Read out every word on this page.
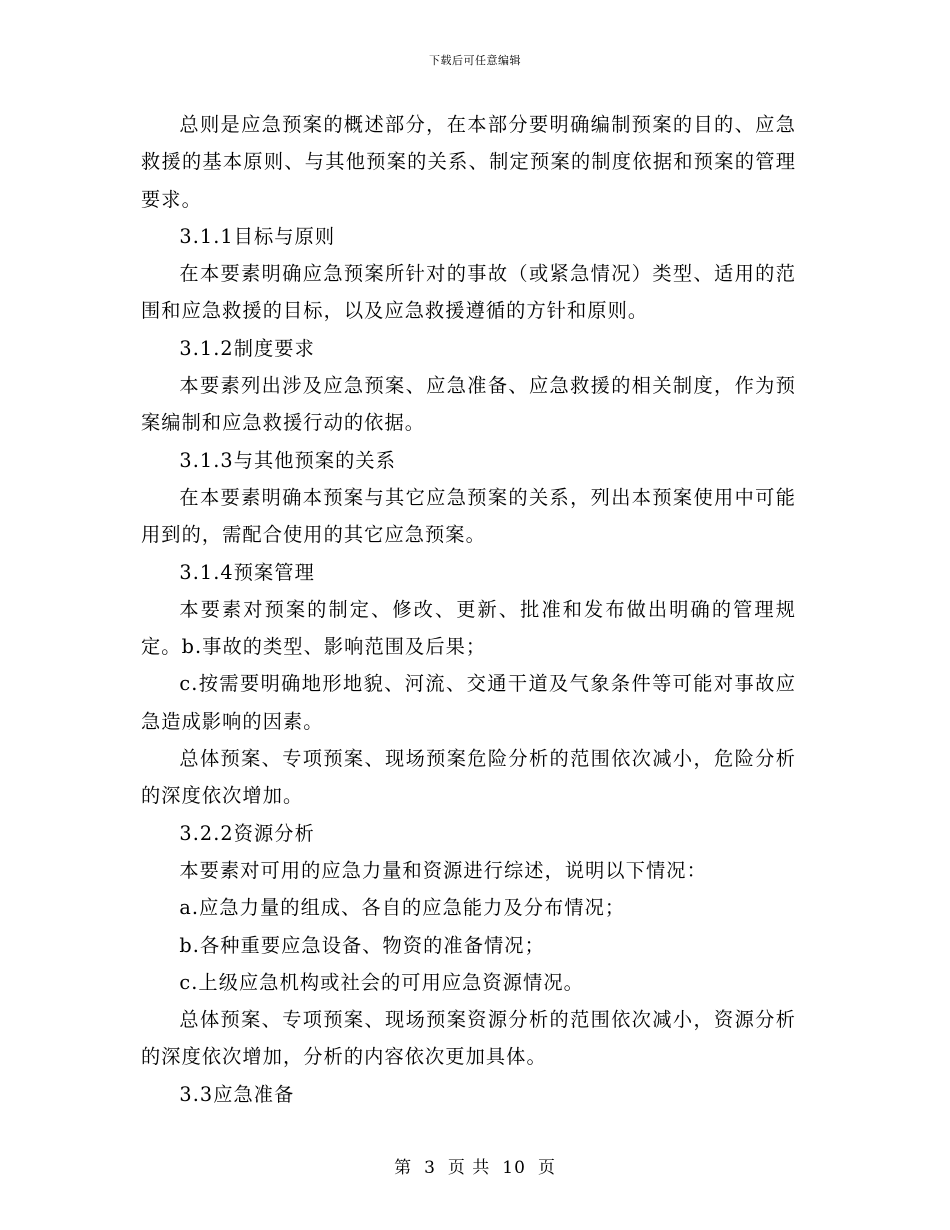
下载后可任意编辑

总则是应急预案的概述部分，在本部分要明确编制预案的目的、应急救援的基本原则、与其他预案的关系、制定预案的制度依据和预案的管理要求。

3.1.1目标与原则

在本要素明确应急预案所针对的事故（或紧急情况）类型、适用的范围和应急救援的目标，以及应急救援遵循的方针和原则。

3.1.2制度要求

本要素列出涉及应急预案、应急准备、应急救援的相关制度，作为预案编制和应急救援行动的依据。

3.1.3与其他预案的关系

在本要素明确本预案与其它应急预案的关系，列出本预案使用中可能用到的，需配合使用的其它应急预案。

3.1.4预案管理

本要素对预案的制定、修改、更新、批准和发布做出明确的管理规定。b.事故的类型、影响范围及后果；

c.按需要明确地形地貌、河流、交通干道及气象条件等可能对事故应急造成影响的因素。

总体预案、专项预案、现场预案危险分析的范围依次减小，危险分析的深度依次增加。

3.2.2资源分析

本要素对可用的应急力量和资源进行综述，说明以下情况：

a.应急力量的组成、各自的应急能力及分布情况；

b.各种重要应急设备、物资的准备情况；

c.上级应急机构或社会的可用应急资源情况。

总体预案、专项预案、现场预案资源分析的范围依次减小，资源分析的深度依次增加，分析的内容依次更加具体。

3.3应急准备

第 3 页 共 10 页
